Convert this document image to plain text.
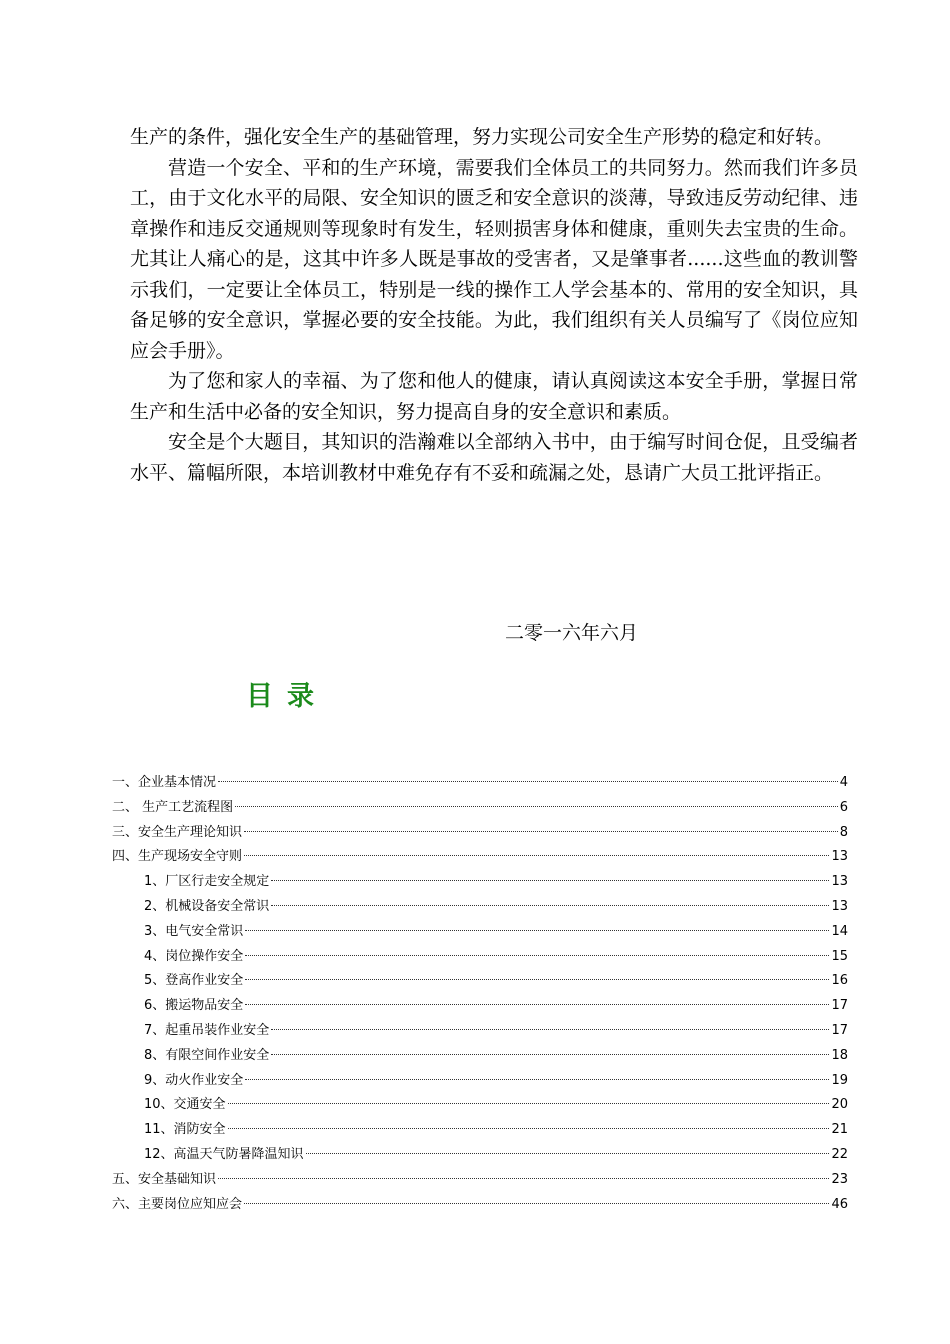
生产的条件，强化安全生产的基础管理，努力实现公司安全生产形势的稳定和好转。

营造一个安全、平和的生产环境，需要我们全体员工的共同努力。然而我们许多员工，由于文化水平的局限、安全知识的匮乏和安全意识的淡薄，导致违反劳动纪律、违章操作和违反交通规则等现象时有发生，轻则损害身体和健康，重则失去宝贵的生命。尤其让人痛心的是，这其中许多人既是事故的受害者，又是肇事者......这些血的教训警示我们，一定要让全体员工，特别是一线的操作工人学会基本的、常用的安全知识，具备足够的安全意识，掌握必要的安全技能。为此，我们组织有关人员编写了《岗位应知应会手册》。

为了您和家人的幸福、为了您和他人的健康，请认真阅读这本安全手册，掌握日常生产和生活中必备的安全知识，努力提高自身的安全意识和素质。

安全是个大题目，其知识的浩瀚难以全部纳入书中，由于编写时间仓促，且受编者水平、篇幅所限，本培训教材中难免存有不妥和疏漏之处，恳请广大员工批评指正。

二零一六年六月
目录
一、企业基本情况	4
二、 生产工艺流程图	6
三、安全生产理论知识	8
四、生产现场安全守则	13
1、厂区行走安全规定	13
2、机械设备安全常识	13
3、电气安全常识	14
4、岗位操作安全	15
5、登高作业安全	16
6、搬运物品安全	17
7、起重吊装作业安全	17
8、有限空间作业安全	18
9、动火作业安全	19
10、交通安全	20
11、消防安全	21
12、高温天气防暑降温知识	22
五、安全基础知识	23
六、主要岗位应知应会	46
